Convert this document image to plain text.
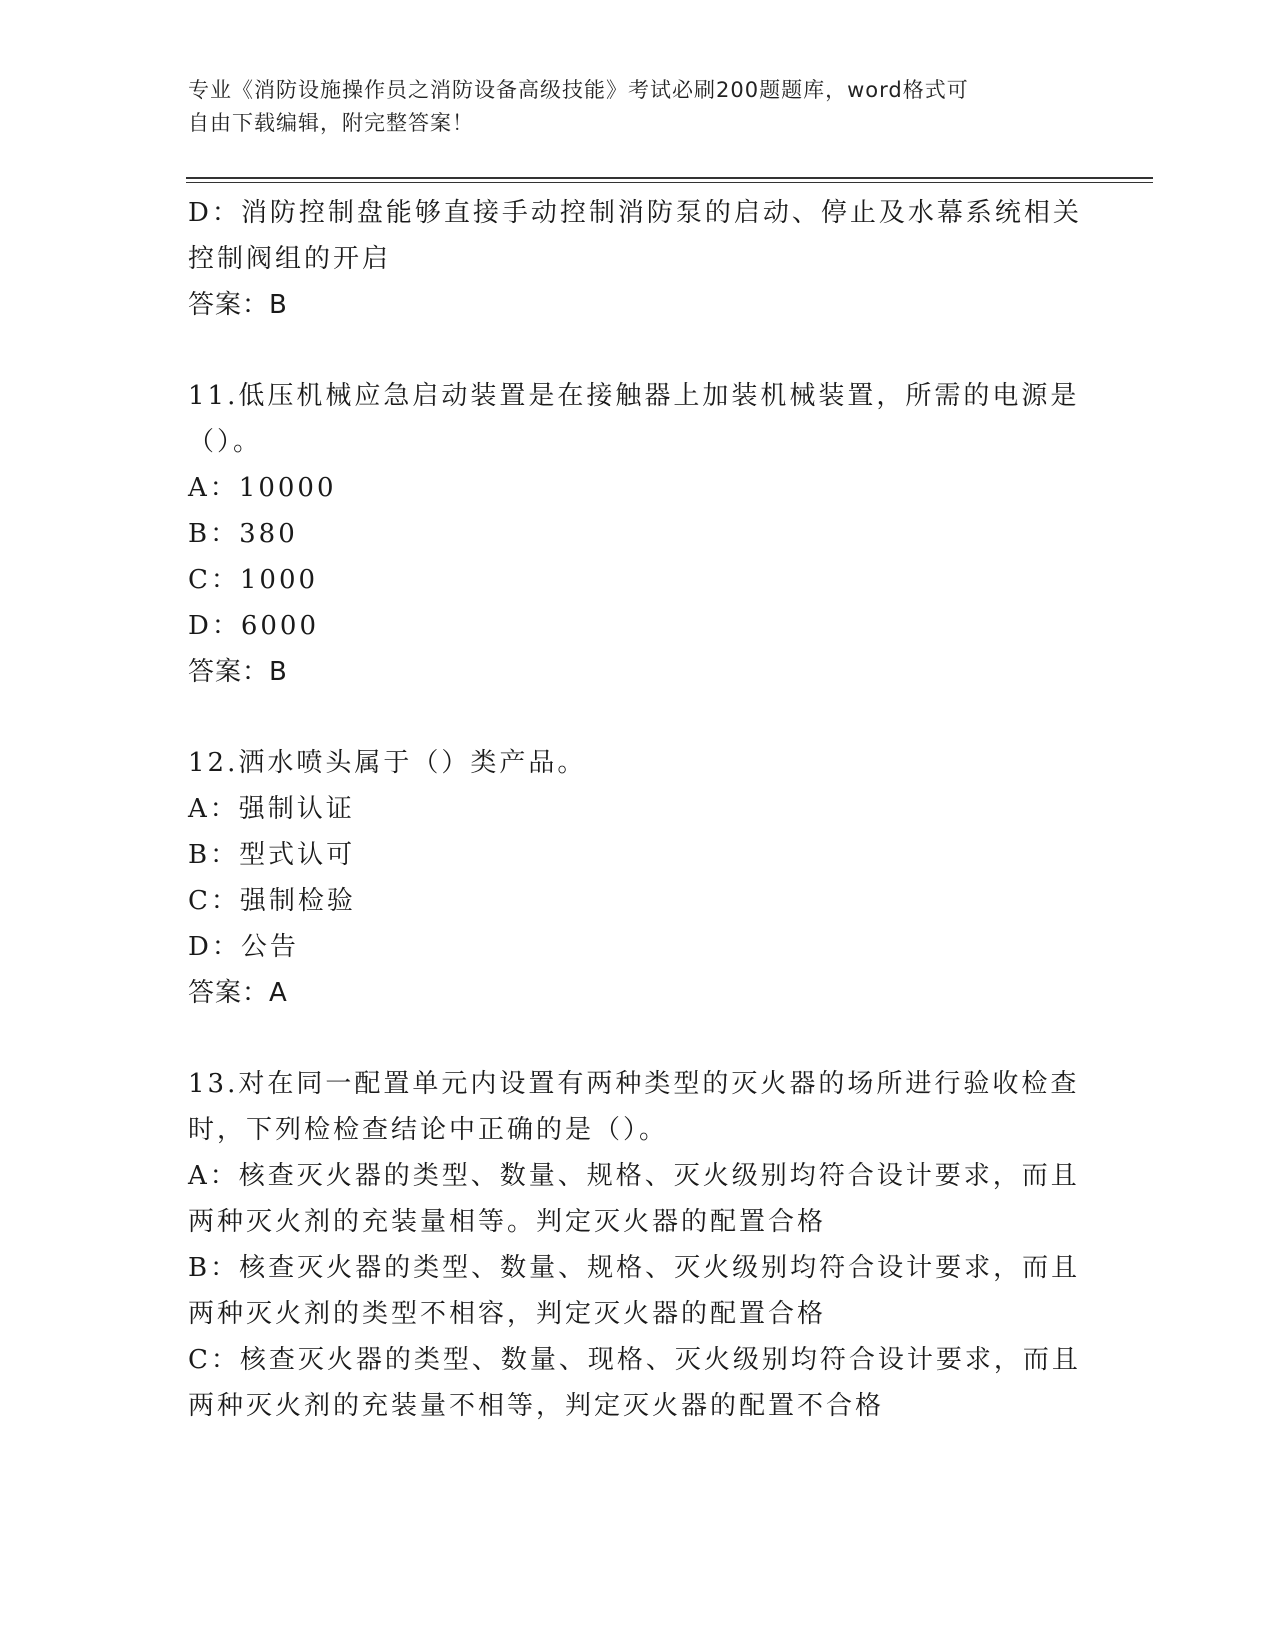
专业《消防设施操作员之消防设备高级技能》考试必刷200题题库，word格式可
自由下载编辑，附完整答案！
D：消防控制盘能够直接手动控制消防泵的启动、停止及水幕系统相关
控制阀组的开启
答案：B
11.低压机械应急启动装置是在接触器上加装机械装置，所需的电源是
（）。
A：10000
B：380
C：1000
D：6000
答案：B
12.洒水喷头属于（）类产品。
A：强制认证
B：型式认可
C：强制检验
D：公告
答案：A
13.对在同一配置单元内设置有两种类型的灭火器的场所进行验收检查
时，下列检检查结论中正确的是（）。
A：核查灭火器的类型、数量、规格、灭火级别均符合设计要求，而且
两种灭火剂的充装量相等。判定灭火器的配置合格
B：核查灭火器的类型、数量、规格、灭火级别均符合设计要求，而且
两种灭火剂的类型不相容，判定灭火器的配置合格
C：核查灭火器的类型、数量、现格、灭火级别均符合设计要求，而且
两种灭火剂的充装量不相等，判定灭火器的配置不合格
